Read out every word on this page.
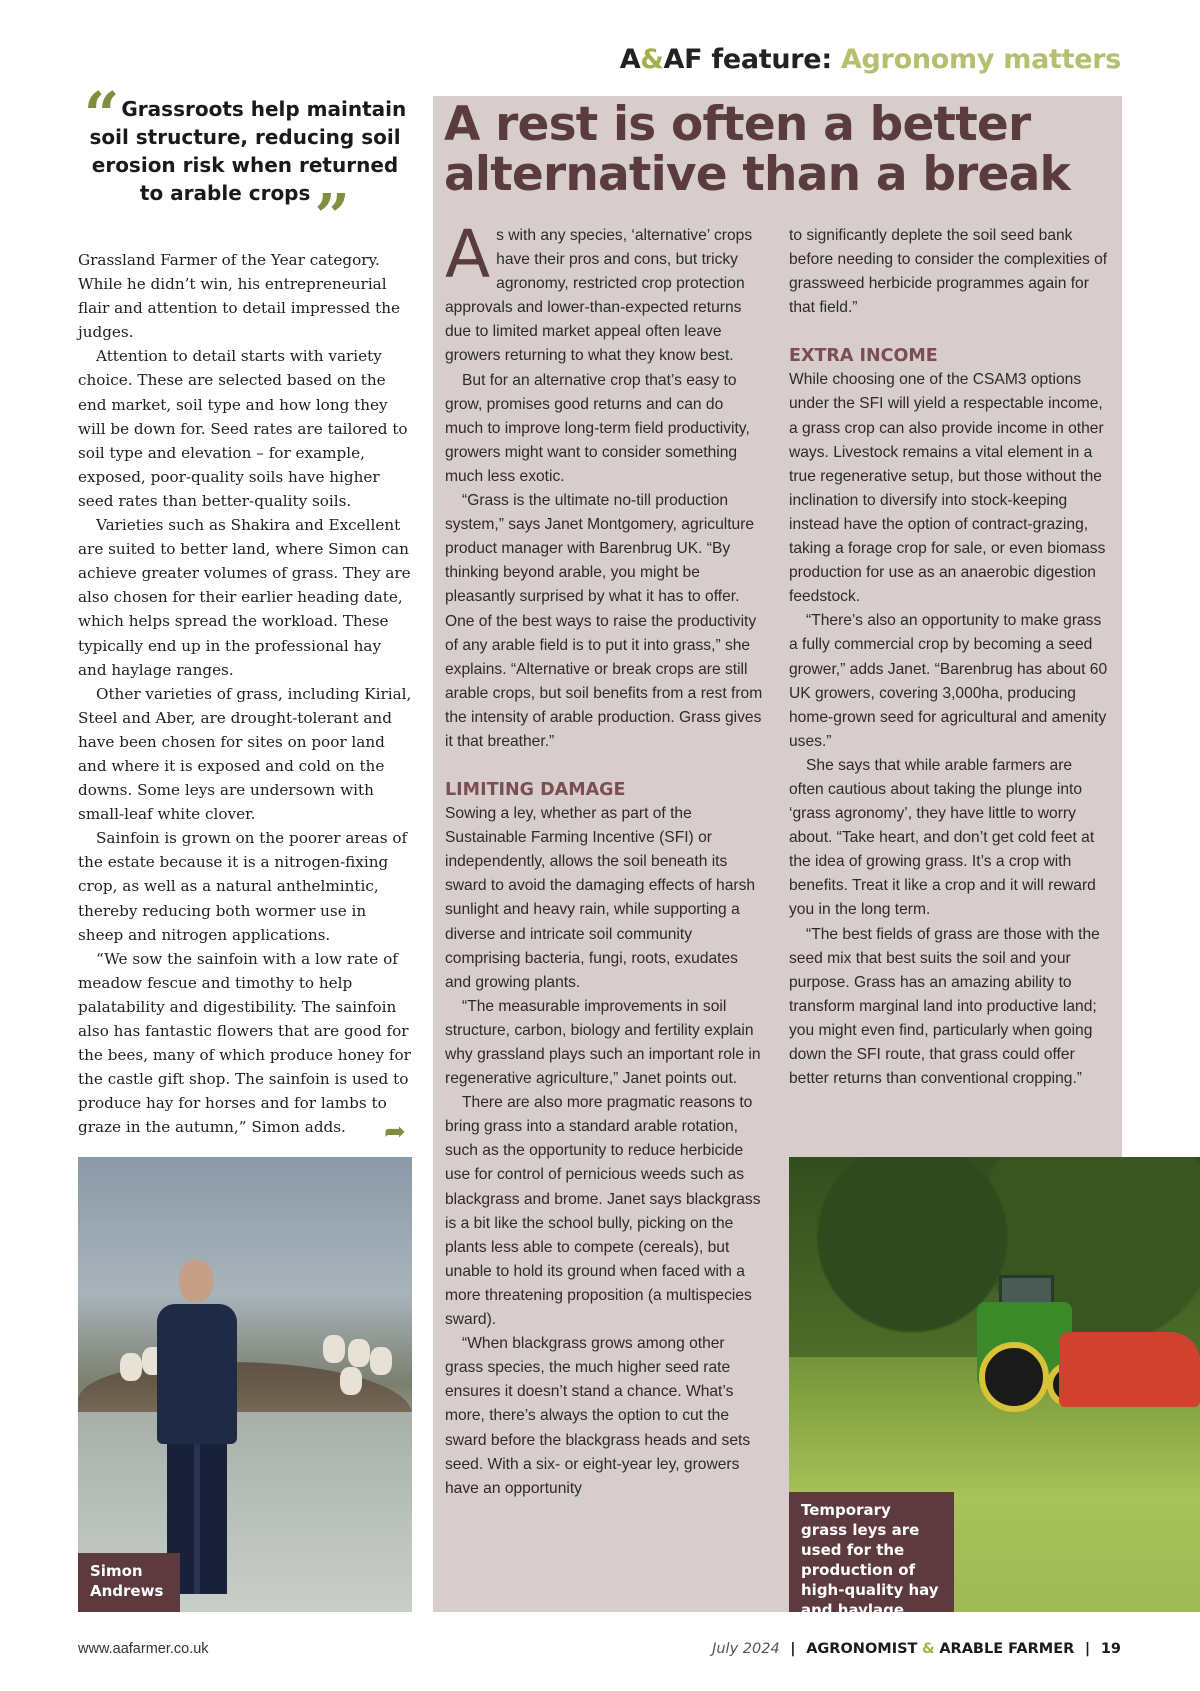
A&AF feature: Agronomy matters
“ Grassroots help maintain soil structure, reducing soil erosion risk when returned to arable crops”

Grassland Farmer of the Year category. While he didn’t win, his entrepreneurial flair and attention to detail impressed the judges.

Attention to detail starts with variety choice. These are selected based on the end market, soil type and how long they will be down for. Seed rates are tailored to soil type and elevation – for example, exposed, poor-quality soils have higher seed rates than better-quality soils.

Varieties such as Shakira and Excellent are suited to better land, where Simon can achieve greater volumes of grass. They are also chosen for their earlier heading date, which helps spread the workload. These typically end up in the professional hay and haylage ranges.

Other varieties of grass, including Kirial, Steel and Aber, are drought-tolerant and have been chosen for sites on poor land and where it is exposed and cold on the downs. Some leys are undersown with small-leaf white clover.

Sainfoin is grown on the poorer areas of the estate because it is a nitrogen-fixing crop, as well as a natural anthelmintic, thereby reducing both wormer use in sheep and nitrogen applications.

“We sow the sainfoin with a low rate of meadow fescue and timothy to help palatability and digestibility. The sainfoin also has fantastic flowers that are good for the bees, many of which produce honey for the castle gift shop. The sainfoin is used to produce hay for horses and for lambs to graze in the autumn,” Simon adds.	➦
Simon Andrews
A rest is often a better alternative than a break

As with any species, ‘alternative’ crops have their pros and cons, but tricky agronomy, restricted crop protection approvals and lower-than-expected returns due to limited market appeal often leave growers returning to what they know best.

But for an alternative crop that’s easy to grow, promises good returns and can do much to improve long-term field productivity, growers might want to consider something much less exotic.

“Grass is the ultimate no-till production system,” says Janet Montgomery, agriculture product manager with Barenbrug UK. “By thinking beyond arable, you might be pleasantly surprised by what it has to offer. One of the best ways to raise the productivity of any arable field is to put it into grass,” she explains. “Alternative or break crops are still arable crops, but soil benefits from a rest from the intensity of arable production. Grass gives it that breather.”

LIMITING DAMAGE

Sowing a ley, whether as part of the Sustainable Farming Incentive (SFI) or independently, allows the soil beneath its sward to avoid the damaging effects of harsh sunlight and heavy rain, while supporting a diverse and intricate soil community comprising bacteria, fungi, roots, exudates and growing plants.

“The measurable improvements in soil structure, carbon, biology and fertility explain why grassland plays such an important role in regenerative agriculture,” Janet points out.

There are also more pragmatic reasons to bring grass into a standard arable rotation, such as the opportunity to reduce herbicide use for control of pernicious weeds such as blackgrass and brome. Janet says blackgrass is a bit like the school bully, picking on the plants less able to compete (cereals), but unable to hold its ground when faced with a more threatening proposition (a multispecies sward).

“When blackgrass grows among other grass species, the much higher seed rate ensures it doesn’t stand a chance. What’s more, there’s always the option to cut the sward before the blackgrass heads and sets seed. With a six- or eight-year ley, growers have an opportunity

to significantly deplete the soil seed bank before needing to consider the complexities of grassweed herbicide programmes again for that field.”

EXTRA INCOME

While choosing one of the CSAM3 options under the SFI will yield a respectable income, a grass crop can also provide income in other ways. Livestock remains a vital element in a true regenerative setup, but those without the inclination to diversify into stock-keeping instead have the option of contract-grazing, taking a forage crop for sale, or even biomass production for use as an anaerobic digestion feedstock.

“There’s also an opportunity to make grass a fully commercial crop by becoming a seed grower,” adds Janet. “Barenbrug has about 60 UK growers, covering 3,000ha, producing home-grown seed for agricultural and amenity uses.”

She says that while arable farmers are often cautious about taking the plunge into ‘grass agronomy’, they have little to worry about. “Take heart, and don’t get cold feet at the idea of growing grass. It’s a crop with benefits. Treat it like a crop and it will reward you in the long term.

“The best fields of grass are those with the seed mix that best suits the soil and your purpose. Grass has an amazing ability to transform marginal land into productive land; you might even find, particularly when going down the SFI route, that grass could offer better returns than conventional cropping.”

Temporary grass leys are used for the production of high-quality hay and haylage
www.aafarmer.co.uk	July 2024 | AGRONOMIST & ARABLE FARMER | 19
